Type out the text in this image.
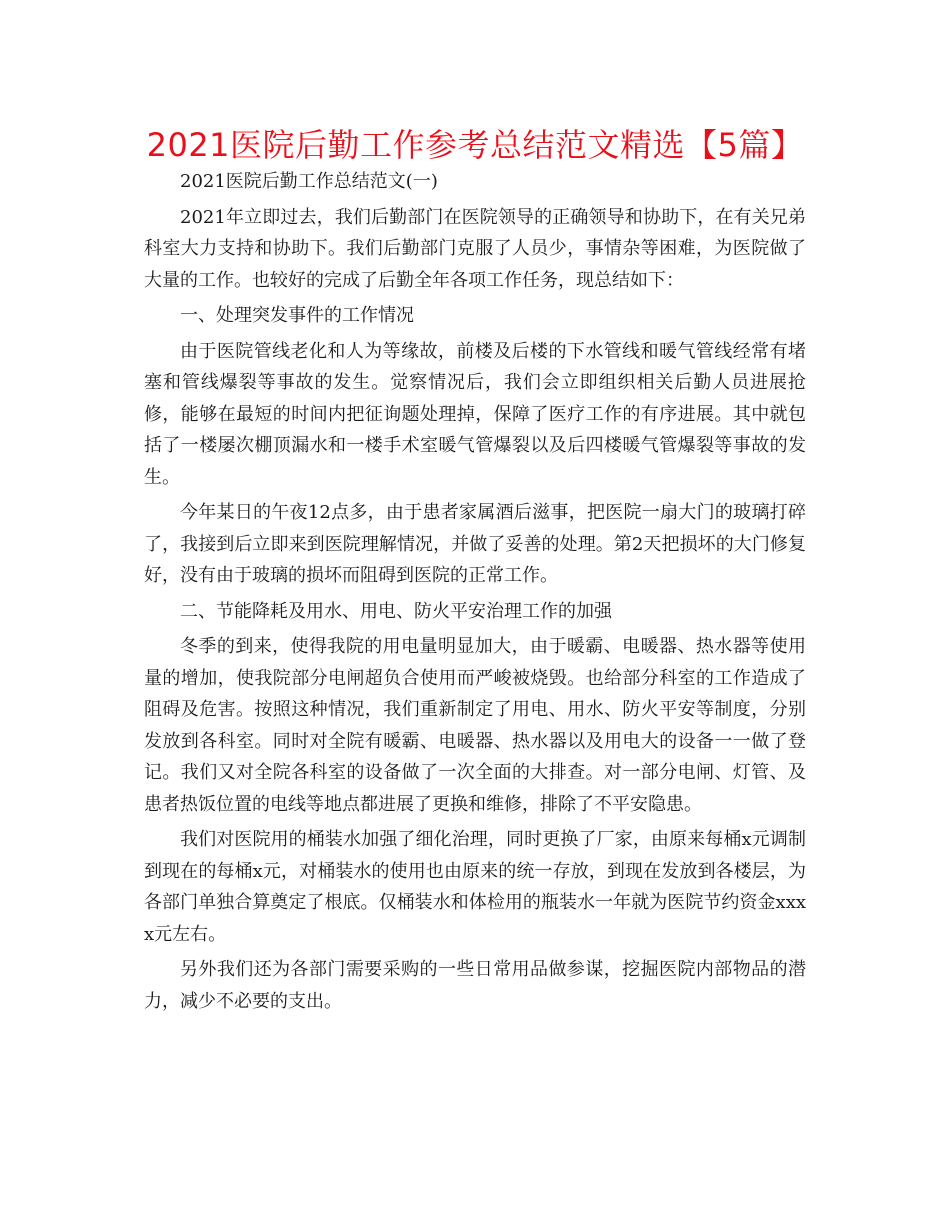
2021医院后勤工作参考总结范文精选【5篇】

2021医院后勤工作总结范文(一)

2021年立即过去，我们后勤部门在医院领导的正确领导和协助下，在有关兄弟科室大力支持和协助下。我们后勤部门克服了人员少，事情杂等困难，为医院做了大量的工作。也较好的完成了后勤全年各项工作任务，现总结如下：

一、处理突发事件的工作情况

由于医院管线老化和人为等缘故，前楼及后楼的下水管线和暖气管线经常有堵塞和管线爆裂等事故的发生。觉察情况后，我们会立即组织相关后勤人员进展抢修，能够在最短的时间内把征询题处理掉，保障了医疗工作的有序进展。其中就包括了一楼屡次棚顶漏水和一楼手术室暖气管爆裂以及后四楼暖气管爆裂等事故的发生。

今年某日的午夜12点多，由于患者家属酒后滋事，把医院一扇大门的玻璃打碎了，我接到后立即来到医院理解情况，并做了妥善的处理。第2天把损坏的大门修复好，没有由于玻璃的损坏而阻碍到医院的正常工作。

二、节能降耗及用水、用电、防火平安治理工作的加强

冬季的到来，使得我院的用电量明显加大，由于暖霸、电暖器、热水器等使用量的增加，使我院部分电闸超负合使用而严峻被烧毁。也给部分科室的工作造成了阻碍及危害。按照这种情况，我们重新制定了用电、用水、防火平安等制度，分别发放到各科室。同时对全院有暖霸、电暖器、热水器以及用电大的设备一一做了登记。我们又对全院各科室的设备做了一次全面的大排查。对一部分电闸、灯管、及患者热饭位置的电线等地点都进展了更换和维修，排除了不平安隐患。

我们对医院用的桶装水加强了细化治理，同时更换了厂家，由原来每桶x元调制到现在的每桶x元，对桶装水的使用也由原来的统一存放，到现在发放到各楼层，为各部门单独合算奠定了根底。仅桶装水和体检用的瓶装水一年就为医院节约资金xxxx元左右。

另外我们还为各部门需要采购的一些日常用品做参谋，挖掘医院内部物品的潜力，减少不必要的支出。
